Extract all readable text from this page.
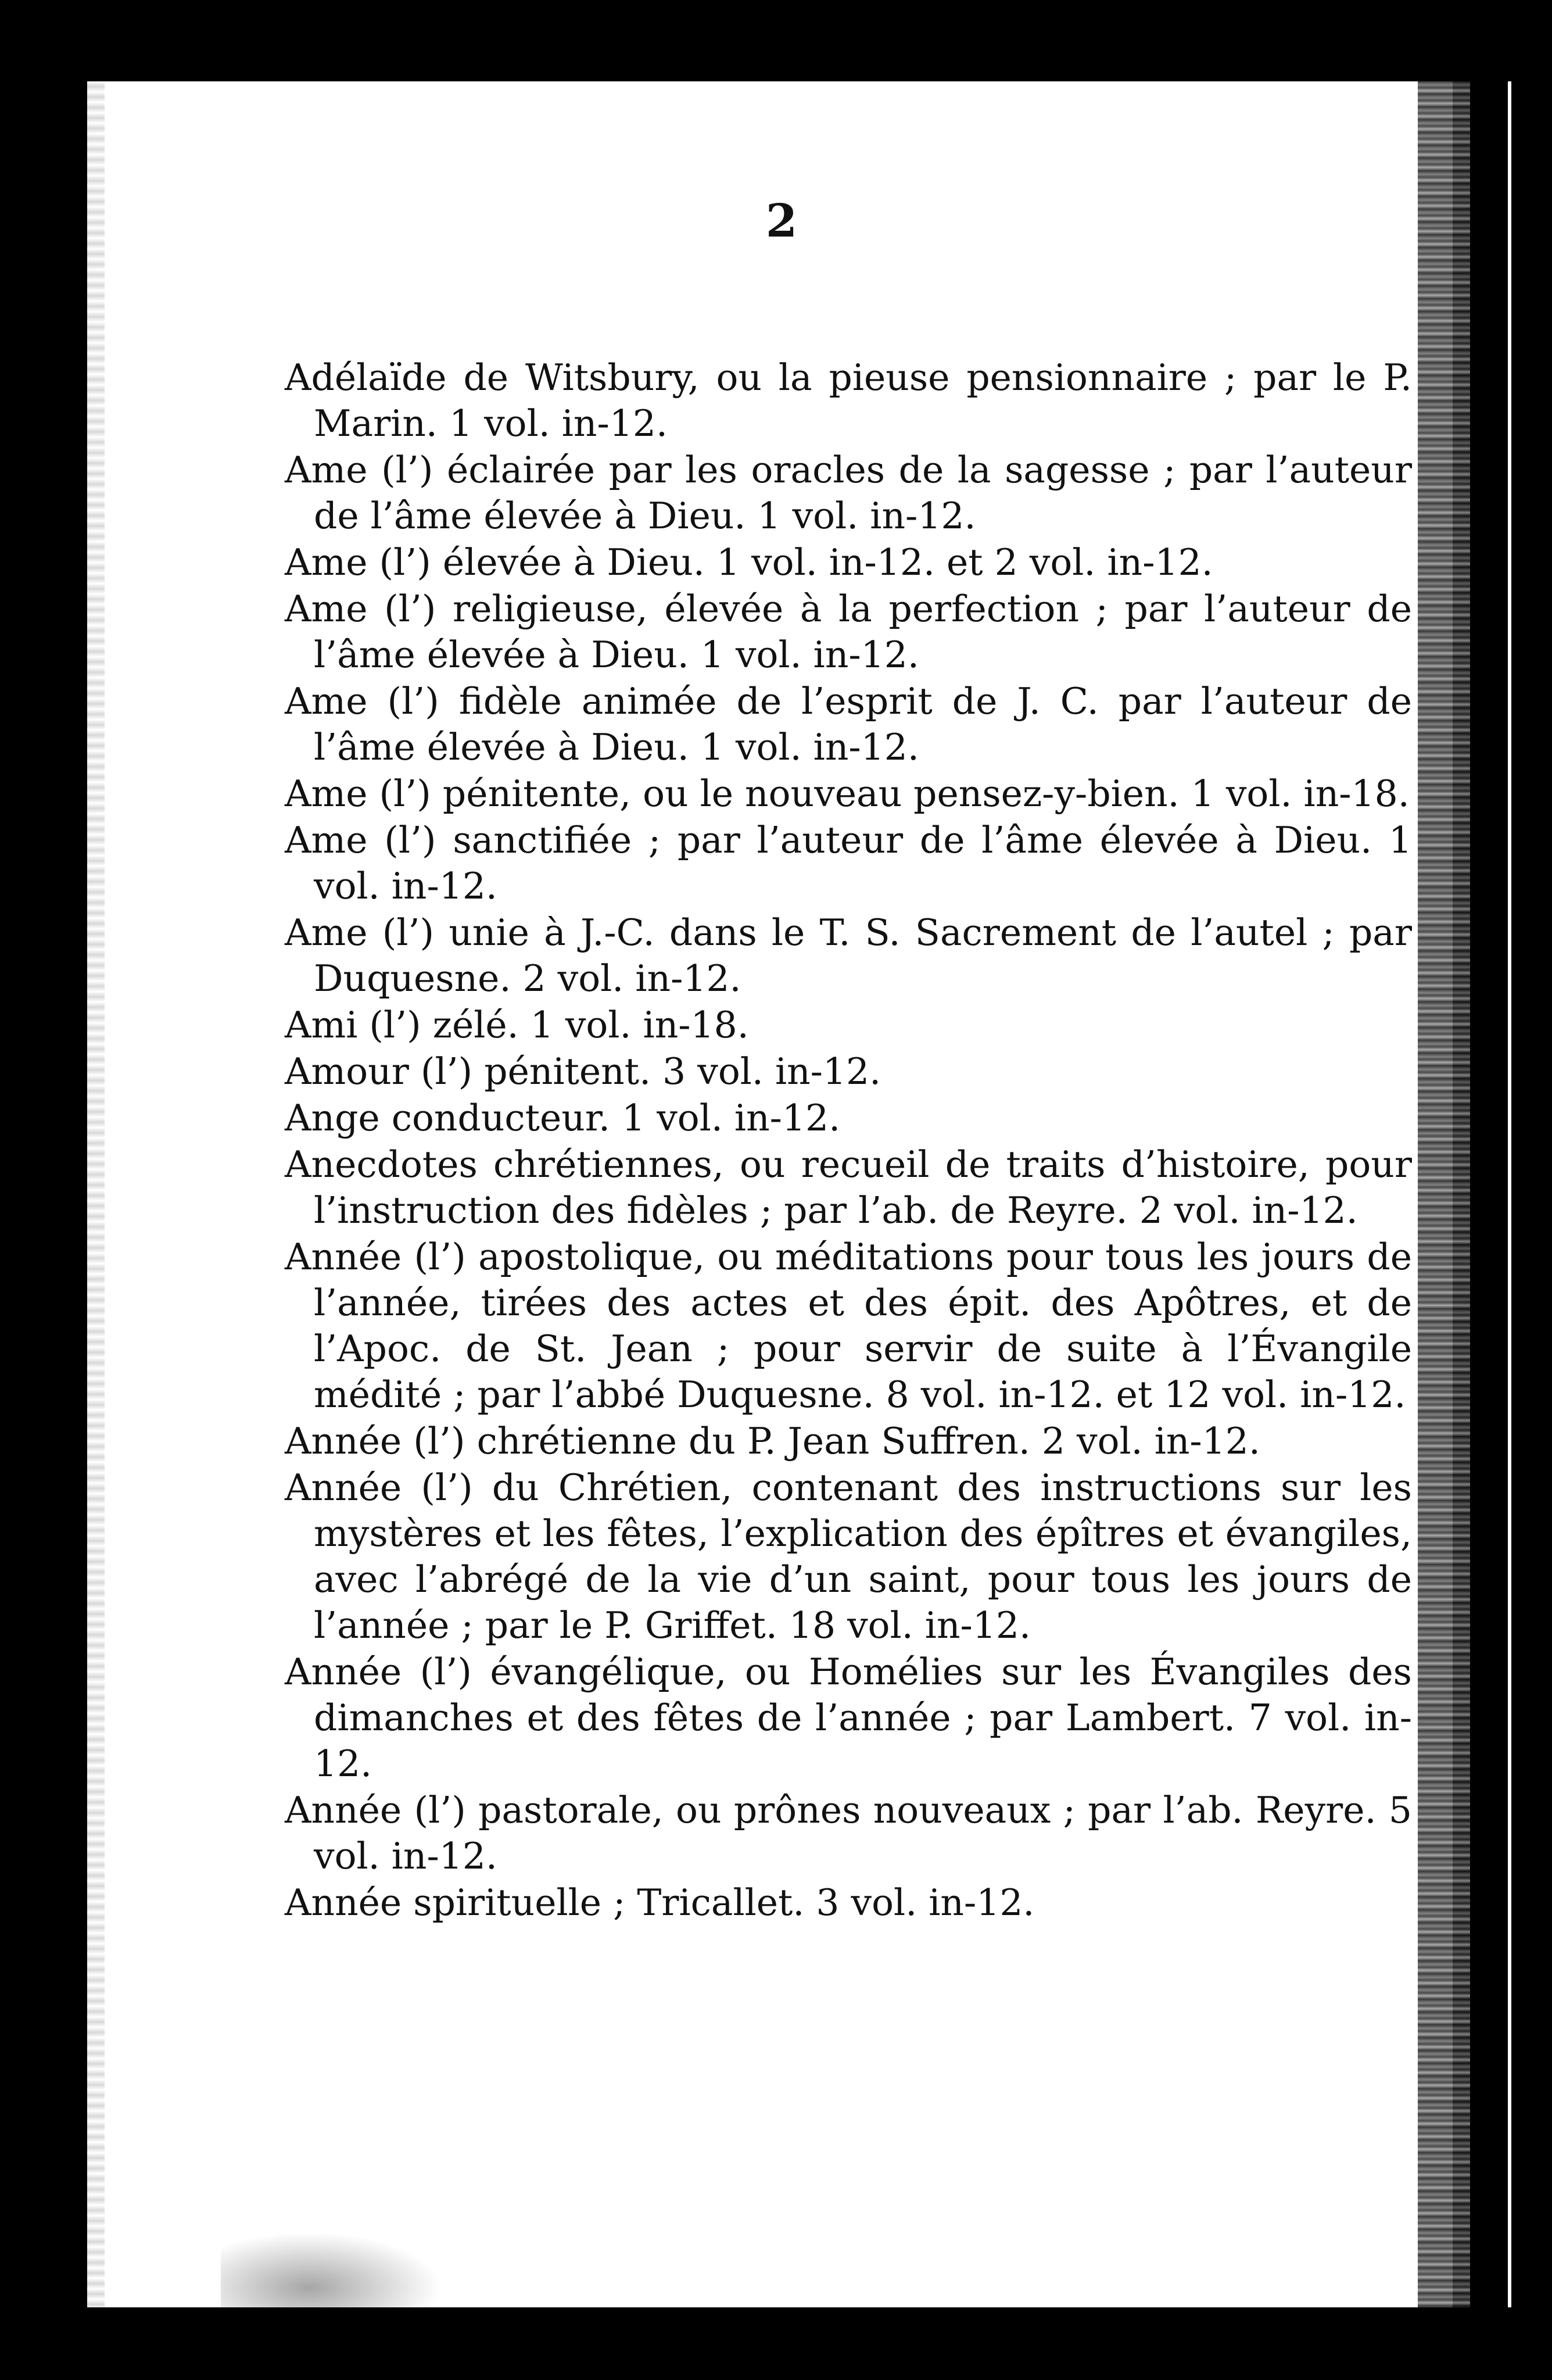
2
Adélaïde de Witsbury, ou la pieuse pensionnaire ; par le P. Marin. 1 vol. in-12.
Ame (l’) éclairée par les oracles de la sagesse ; par l’auteur de l’âme élevée à Dieu. 1 vol. in-12.
Ame (l’) élevée à Dieu. 1 vol. in-12. et 2 vol. in-12.
Ame (l’) religieuse, élevée à la perfection ; par l’auteur de l’âme élevée à Dieu. 1 vol. in-12.
Ame (l’) fidèle animée de l’esprit de J. C. par l’auteur de l’âme élevée à Dieu. 1 vol. in-12.
Ame (l’) pénitente, ou le nouveau pensez-y-bien. 1 vol. in-18.
Ame (l’) sanctifiée ; par l’auteur de l’âme élevée à Dieu. 1 vol. in-12.
Ame (l’) unie à J.-C. dans le T. S. Sacrement de l’autel ; par Duquesne. 2 vol. in-12.
Ami (l’) zélé. 1 vol. in-18.
Amour (l’) pénitent. 3 vol. in-12.
Ange conducteur. 1 vol. in-12.
Anecdotes chrétiennes, ou recueil de traits d’histoire, pour l’instruction des fidèles ; par l’ab. de Reyre. 2 vol. in-12.
Année (l’) apostolique, ou méditations pour tous les jours de l’année, tirées des actes et des épit. des Apôtres, et de l’Apoc. de St. Jean ; pour servir de suite à l’Évangile médité ; par l’abbé Duquesne. 8 vol. in-12. et 12 vol. in-12.
Année (l’) chrétienne du P. Jean Suffren. 2 vol. in-12.
Année (l’) du Chrétien, contenant des instructions sur les mystères et les fêtes, l’explication des épîtres et évangiles, avec l’abrégé de la vie d’un saint, pour tous les jours de l’année ; par le P. Griffet. 18 vol. in-12.
Année (l’) évangélique, ou Homélies sur les Évangiles des dimanches et des fêtes de l’année ; par Lambert. 7 vol. in-12.
Année (l’) pastorale, ou prônes nouveaux ; par l’ab. Reyre. 5 vol. in-12.
Année spirituelle ; Tricallet. 3 vol. in-12.
